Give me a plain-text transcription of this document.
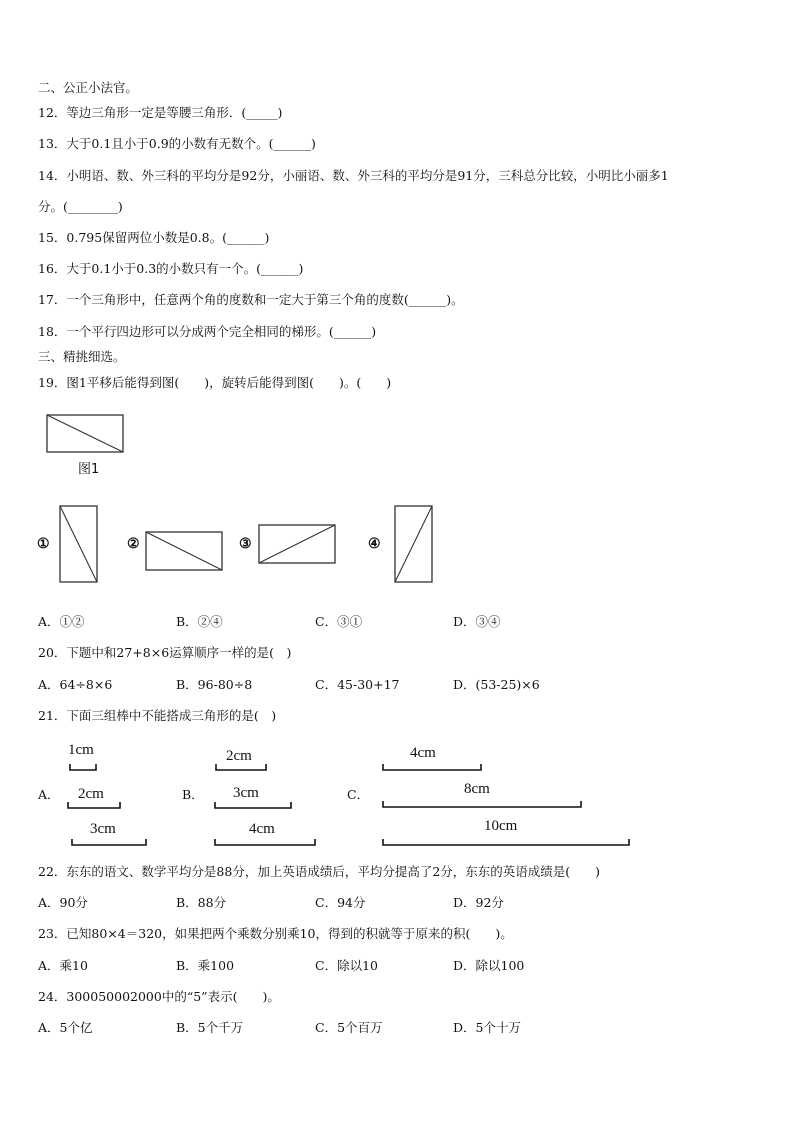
二、公正小法官。
12．等边三角形一定是等腰三角形．(_____)
13．大于0.1且小于0.9的小数有无数个。(______)
14．小明语、数、外三科的平均分是92分，小丽语、数、外三科的平均分是91分，三科总分比较，小明比小丽多1
分。(________)
15．0.795保留两位小数是0.8。(______)
16．大于0.1小于0.3的小数只有一个。(______)
17．一个三角形中，任意两个角的度数和一定大于第三个角的度数(______)。
18．一个平行四边形可以分成两个完全相同的梯形。(______)
三、精挑细选。
19．图1平移后能得到图(　　)，旋转后能得到图(　　)。(　　)
图1
①	②	③	④
A．①②	B．②④	C．③①	D．③④
20．下题中和27+8×6运算顺序一样的是(　)
A．64÷8×6	B．96-80÷8	C．45-30+17	D．(53-25)×6
21．下面三组棒中不能搭成三角形的是(　)
A．	B．	C．
1cm
2cm
3cm
2cm
3cm
4cm
4cm
8cm
10cm
22．东东的语文、数学平均分是88分，加上英语成绩后，平均分提高了2分，东东的英语成绩是(　　)
A．90分	B．88分	C．94分	D．92分
23．已知80×4＝320，如果把两个乘数分别乘10，得到的积就等于原来的积(　　)。
A．乘10	B．乘100	C．除以10	D．除以100
24．300050002000中的“5”表示(　　)。
A．5个亿	B．5个千万	C．5个百万	D．5个十万
